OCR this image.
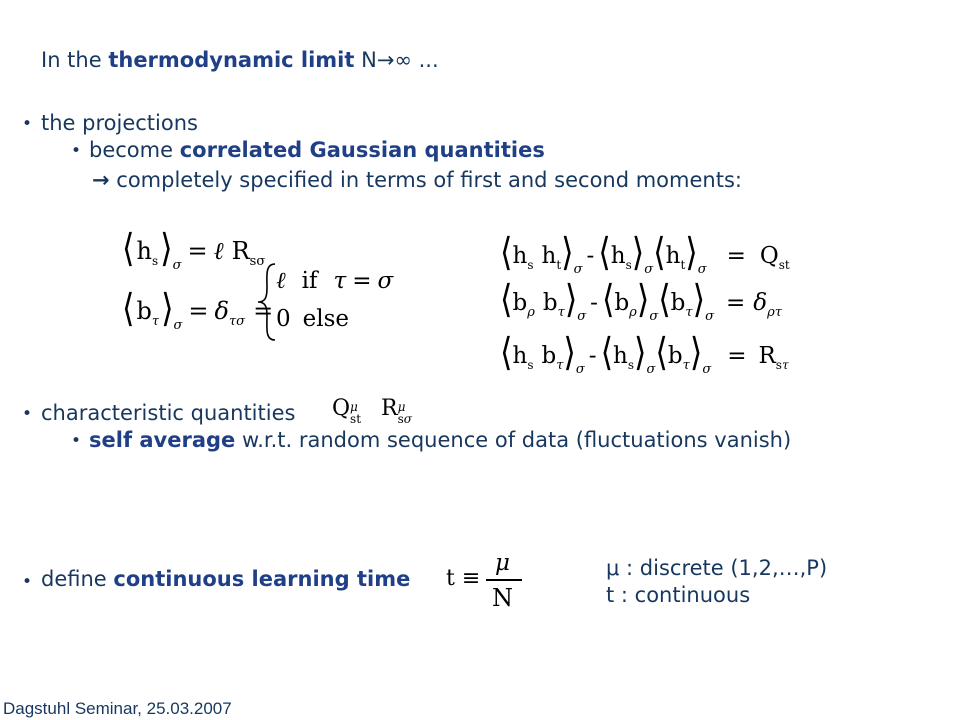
In the thermodynamic limit N→∞ ...
• the projections
• become correlated Gaussian quantities
→ completely specified in terms of first and second moments:
⟨hs⟩σ= ℓ Rsσ
⟨bτ⟩σ= δτσ =
ℓ if τ = σ
0 else
⟨hs ht⟩σ- ⟨hs⟩σ⟨ht⟩σ= Qst
⟨bρ bτ⟩σ- ⟨bρ⟩σ⟨bτ⟩σ= δρτ
⟨hs bτ⟩σ- ⟨hs⟩σ⟨bτ⟩σ= Rsτ
• characteristic quantities Q μ
st R μ
sσ
• self average w.r.t. random sequence of data (fluctuations vanish)
• define continuous learning time t ≡
μ
N
μ : discrete (1,2,…,P)
t : continuous
Dagstuhl Seminar, 25.03.2007
